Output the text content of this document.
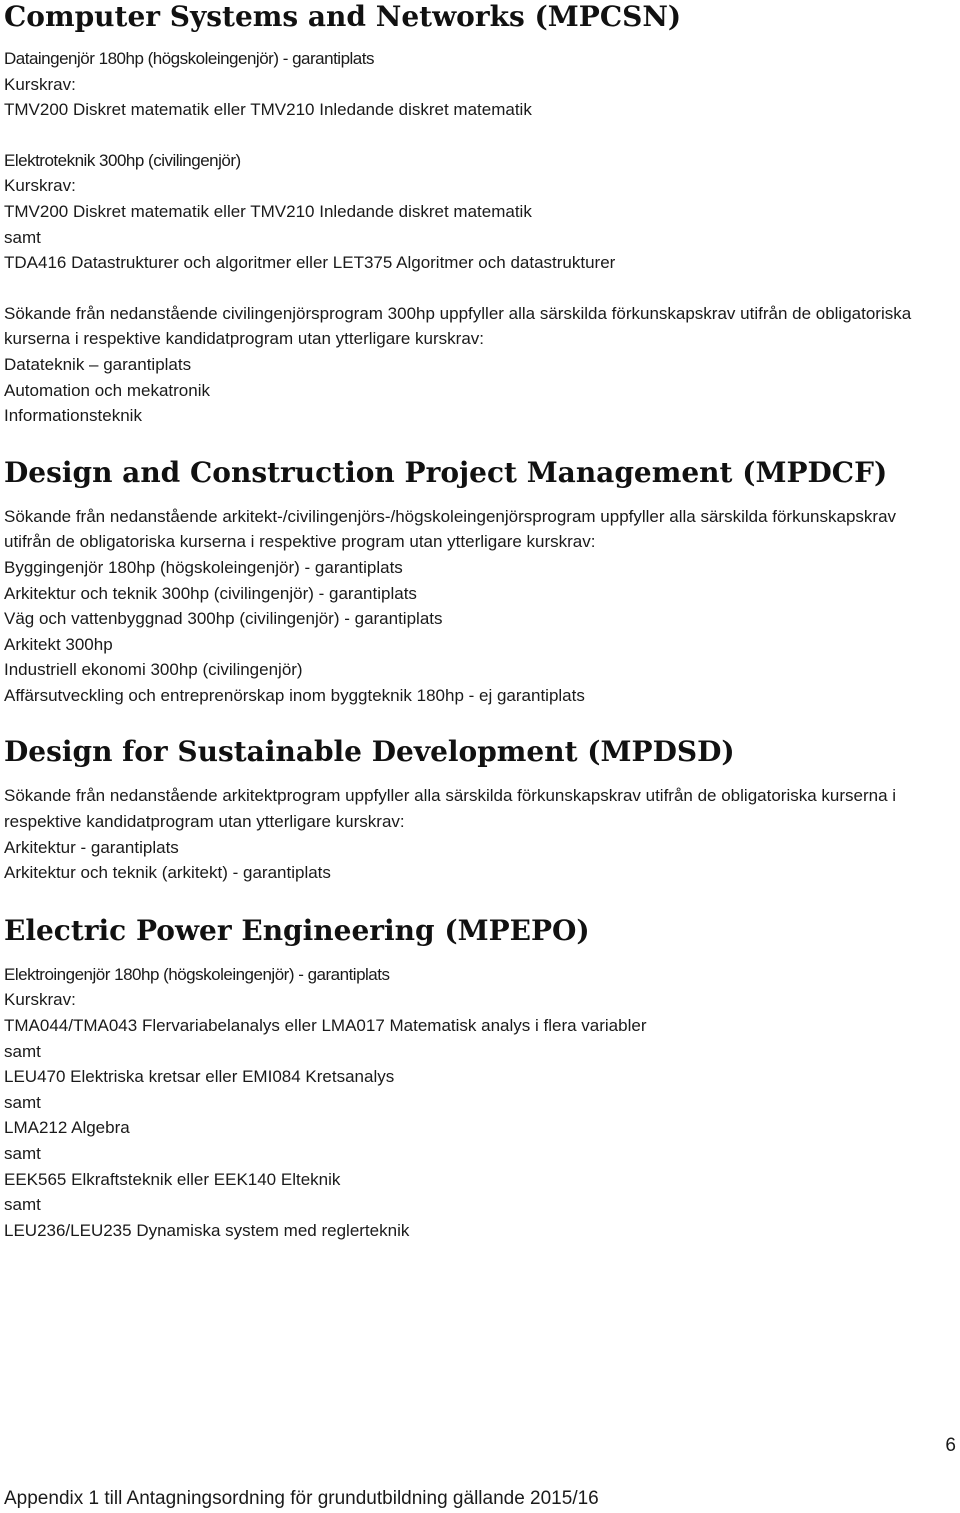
Computer Systems and Networks (MPCSN)
Dataingenjör 180hp (högskoleingenjör) - garantiplats
Kurskrav:
TMV200 Diskret matematik eller TMV210 Inledande diskret matematik
Elektroteknik 300hp (civilingenjör)
Kurskrav:
TMV200 Diskret matematik eller TMV210 Inledande diskret matematik
samt
TDA416 Datastrukturer och algoritmer eller LET375 Algoritmer och datastrukturer
Sökande från nedanstående civilingenjörsprogram 300hp uppfyller alla särskilda förkunskapskrav utifrån de obligatoriska kurserna i respektive kandidatprogram utan ytterligare kurskrav:
Datateknik – garantiplats
Automation och mekatronik
Informationsteknik
Design and Construction Project Management (MPDCF)
Sökande från nedanstående arkitekt-/civilingenjörs-/högskoleingenjörsprogram uppfyller alla särskilda förkunskapskrav utifrån de obligatoriska kurserna i respektive program utan ytterligare kurskrav:
Byggingenjör 180hp (högskoleingenjör) - garantiplats
Arkitektur och teknik 300hp (civilingenjör) - garantiplats
Väg och vattenbyggnad 300hp (civilingenjör) - garantiplats
Arkitekt 300hp
Industriell ekonomi 300hp (civilingenjör)
Affärsutveckling och entreprenörskap inom byggteknik 180hp - ej garantiplats
Design for Sustainable Development (MPDSD)
Sökande från nedanstående arkitektprogram uppfyller alla särskilda förkunskapskrav utifrån de obligatoriska kurserna i respektive kandidatprogram utan ytterligare kurskrav:
Arkitektur - garantiplats
Arkitektur och teknik (arkitekt) - garantiplats
Electric Power Engineering (MPEPO)
Elektroingenjör 180hp (högskoleingenjör) - garantiplats
Kurskrav:
TMA044/TMA043 Flervariabelanalys eller LMA017 Matematisk analys i flera variabler
samt
LEU470 Elektriska kretsar eller EMI084 Kretsanalys
samt
LMA212 Algebra
samt
EEK565 Elkraftsteknik eller EEK140 Elteknik
samt
LEU236/LEU235 Dynamiska system med reglerteknik
6
Appendix 1 till Antagningsordning för grundutbildning gällande 2015/16
